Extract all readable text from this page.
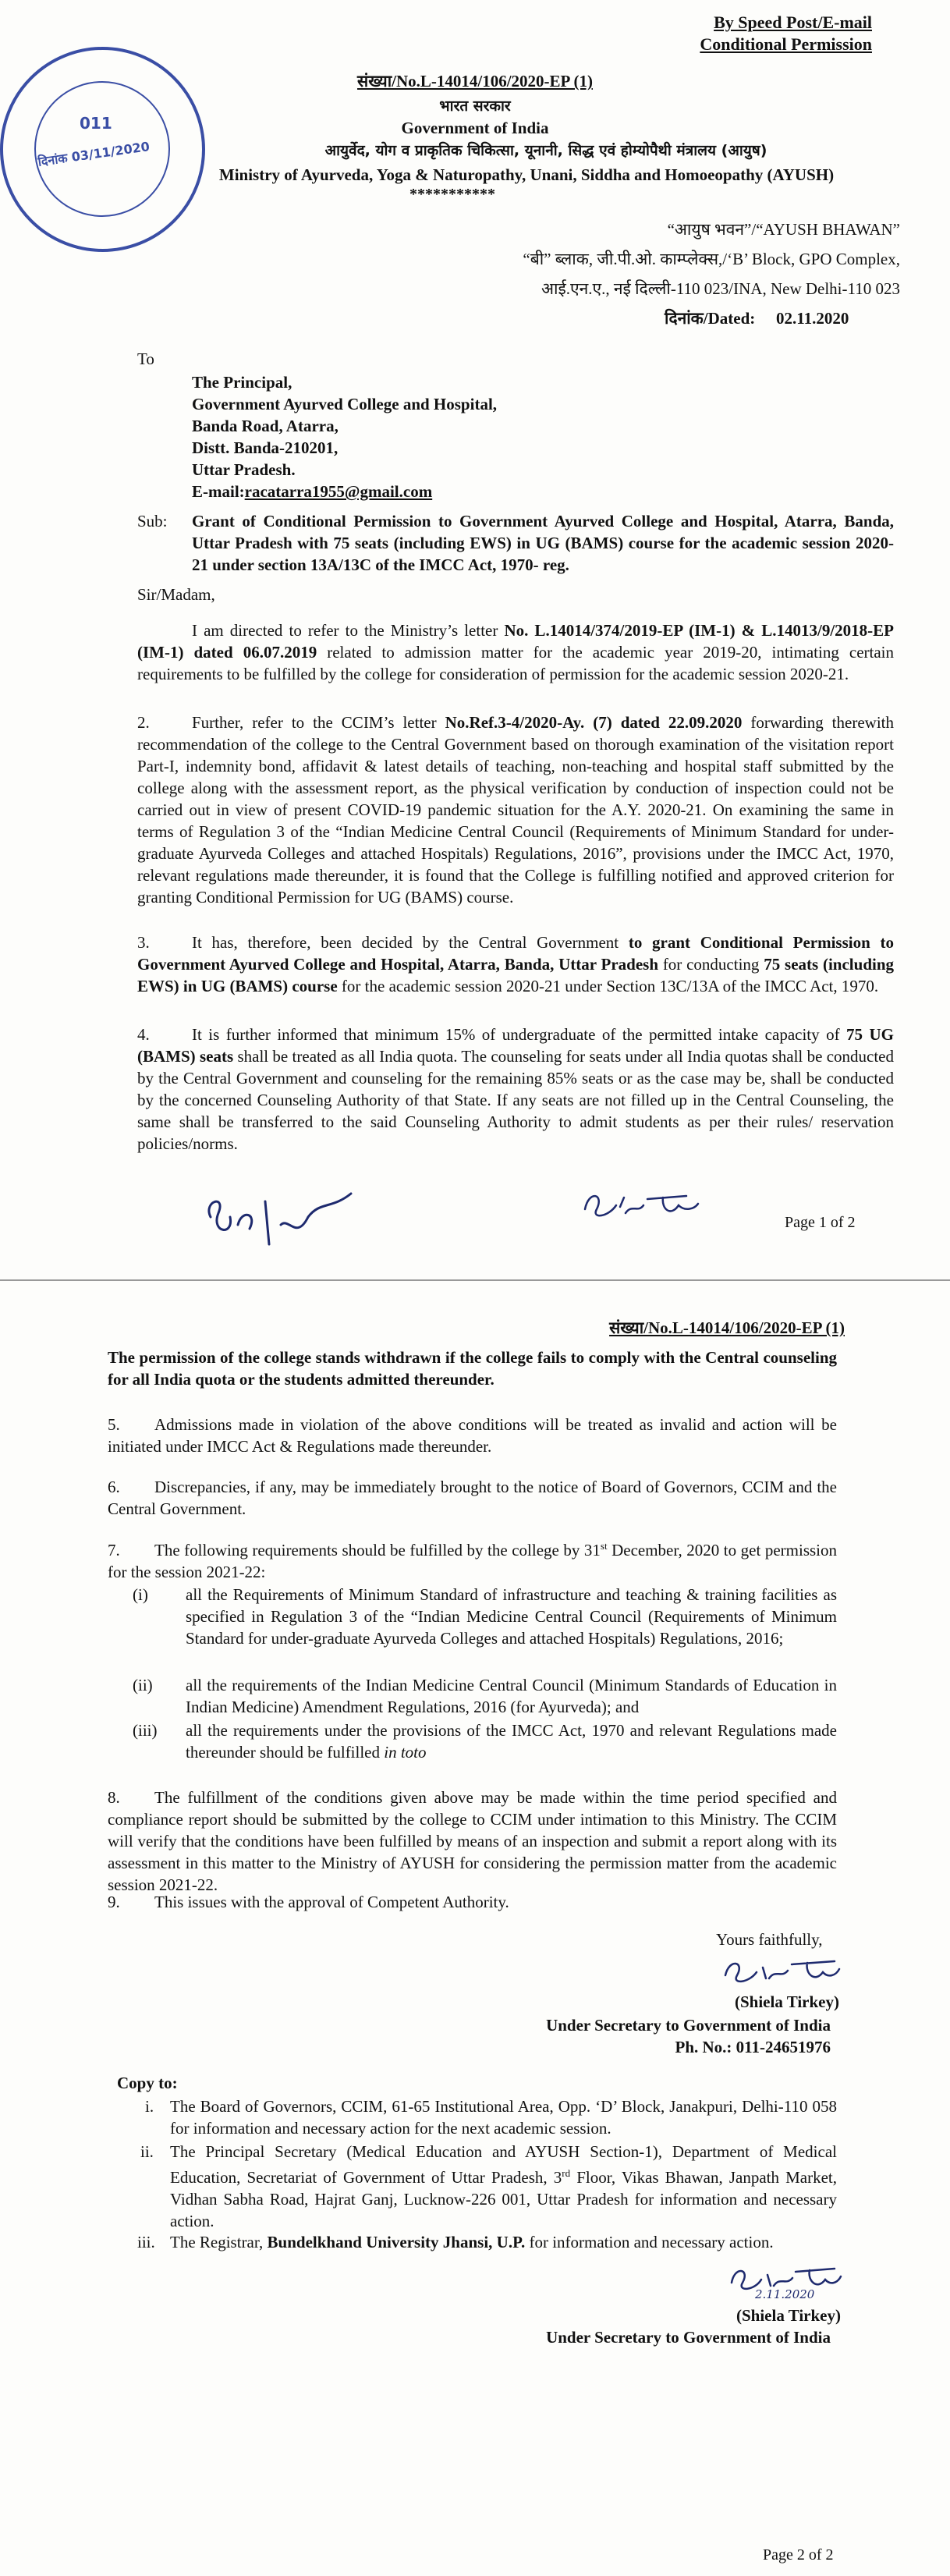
011
दिनांक 03/11/2020
By Speed Post/E-mail
Conditional Permission
संख्या/No.L-14014/106/2020-EP (1)
भारत सरकार
Government of India
आयुर्वेद, योग व प्राकृतिक चिकित्सा, यूनानी, सिद्ध एवं होम्योपैथी मंत्रालय (आयुष)
Ministry of Ayurveda, Yoga & Naturopathy, Unani, Siddha and Homoeopathy (AYUSH)
***********
“आयुष भवन”/“AYUSH BHAWAN”
“बी” ब्लाक, जी.पी.ओ. काम्प्लेक्स,/‘B’ Block, GPO Complex,
आई.एन.ए., नई दिल्ली-110 023/INA, New Delhi-110 023
दिनांक/Dated: 02.11.2020
To
The Principal,
Government Ayurved College and Hospital,
Banda Road, Atarra,
Distt. Banda-210201,
Uttar Pradesh.
E-mail:racatarra1955@gmail.com
Sub: Grant of Conditional Permission to Government Ayurved College and Hospital, Atarra, Banda, Uttar Pradesh with 75 seats (including EWS) in UG (BAMS) course for the academic session 2020-21 under section 13A/13C of the IMCC Act, 1970- reg.
Sir/Madam,

I am directed to refer to the Ministry’s letter No. L.14014/374/2019-EP (IM-1) & L.14013/9/2018-EP (IM-1) dated 06.07.2019 related to admission matter for the academic year 2019-20, intimating certain requirements to be fulfilled by the college for consideration of permission for the academic session 2020-21.

2.	Further, refer to the CCIM’s letter No.Ref.3-4/2020-Ay. (7) dated 22.09.2020 forwarding therewith recommendation of the college to the Central Government based on thorough examination of the visitation report Part-I, indemnity bond, affidavit & latest details of teaching, non-teaching and hospital staff submitted by the college along with the assessment report, as the physical verification by conduction of inspection could not be carried out in view of present COVID-19 pandemic situation for the A.Y. 2020-21. On examining the same in terms of Regulation 3 of the “Indian Medicine Central Council (Requirements of Minimum Standard for under-graduate Ayurveda Colleges and attached Hospitals) Regulations, 2016”, provisions under the IMCC Act, 1970, relevant regulations made thereunder, it is found that the College is fulfilling notified and approved criterion for granting Conditional Permission for UG (BAMS) course.

3.	It has, therefore, been decided by the Central Government to grant Conditional Permission to Government Ayurved College and Hospital, Atarra, Banda, Uttar Pradesh for conducting 75 seats (including EWS) in UG (BAMS) course for the academic session 2020-21 under Section 13C/13A of the IMCC Act, 1970.

4.	It is further informed that minimum 15% of undergraduate of the permitted intake capacity of 75 UG (BAMS) seats shall be treated as all India quota. The counseling for seats under all India quotas shall be conducted by the Central Government and counseling for the remaining 85% seats or as the case may be, shall be conducted by the concerned Counseling Authority of that State. If any seats are not filled up in the Central Counseling, the same shall be transferred to the said Counseling Authority to admit students as per their rules/ reservation policies/norms.

Page 1 of 2
संख्या/No.L-14014/106/2020-EP (1)

The permission of the college stands withdrawn if the college fails to comply with the Central counseling for all India quota or the students admitted thereunder.

5. Admissions made in violation of the above conditions will be treated as invalid and action will be initiated under IMCC Act & Regulations made thereunder.

6. Discrepancies, if any, may be immediately brought to the notice of Board of Governors, CCIM and the Central Government.

7. The following requirements should be fulfilled by the college by 31st December, 2020 to get permission for the session 2021-22:

(i) all the Requirements of Minimum Standard of infrastructure and teaching & training facilities as specified in Regulation 3 of the “Indian Medicine Central Council (Requirements of Minimum Standard for under-graduate Ayurveda Colleges and attached Hospitals) Regulations, 2016;

(ii) all the requirements of the Indian Medicine Central Council (Minimum Standards of Education in Indian Medicine) Amendment Regulations, 2016 (for Ayurveda); and

(iii) all the requirements under the provisions of the IMCC Act, 1970 and relevant Regulations made thereunder should be fulfilled in toto

8. The fulfillment of the conditions given above may be made within the time period specified and compliance report should be submitted by the college to CCIM under intimation to this Ministry. The CCIM will verify that the conditions have been fulfilled by means of an inspection and submit a report along with its assessment in this matter to the Ministry of AYUSH for considering the permission matter from the academic session 2021-22.

9. This issues with the approval of Competent Authority.

Yours faithfully,
(Shiela Tirkey)
Under Secretary to Government of India
Ph. No.: 011-24651976
Copy to:
i. The Board of Governors, CCIM, 61-65 Institutional Area, Opp. ‘D’ Block, Janakpuri, Delhi-110 058 for information and necessary action for the next academic session.

ii. The Principal Secretary (Medical Education and AYUSH Section-1), Department of Medical Education, Secretariat of Government of Uttar Pradesh, 3rd Floor, Vikas Bhawan, Janpath Market, Vidhan Sabha Road, Hajrat Ganj, Lucknow-226 001, Uttar Pradesh for information and necessary action.

iii. The Registrar, Bundelkhand University Jhansi, U.P. for information and necessary action.

2.11.2020
(Shiela Tirkey)
Under Secretary to Government of India
Page 2 of 2
